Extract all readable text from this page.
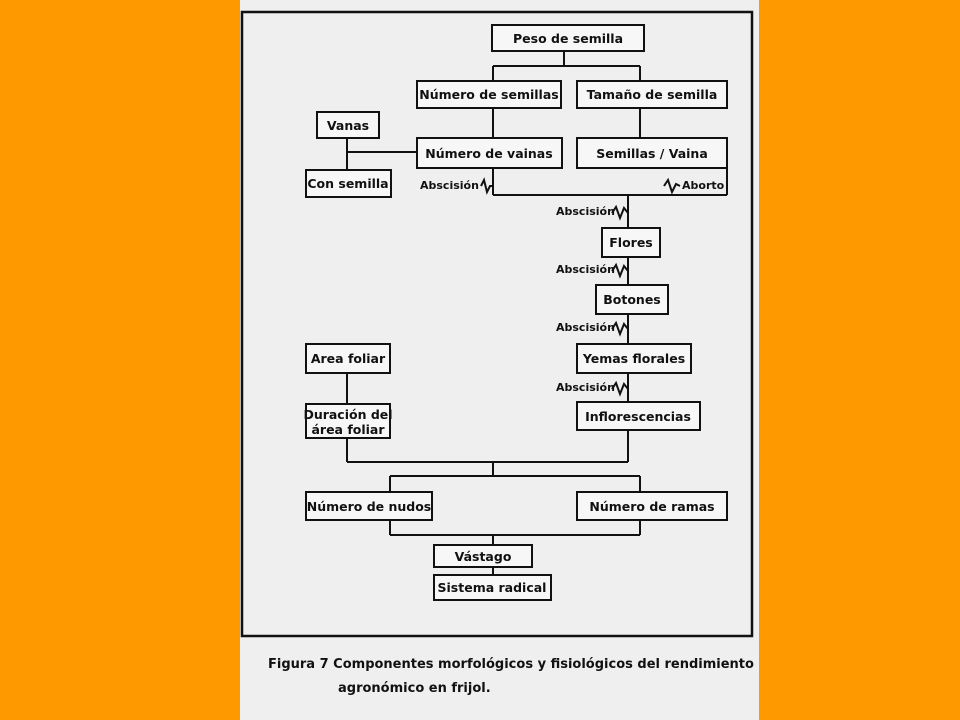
Peso de semilla
Número de semillas Tamaño de semilla
Vanas
Número de vainas	Semillas / Vaina
Con semilla
Flores
Botones
Yemas florales
Area foliar
Duración del
área foliar
Inflorescencias
Número de nudos	Número de ramas
Vástago
Sistema radical
Abscisión	Aborto
Abscisión
Abscisión
Abscisión
Abscisión
Figura 7 Componentes morfológicos y fisiológicos del rendimiento
agronómico en frijol.
